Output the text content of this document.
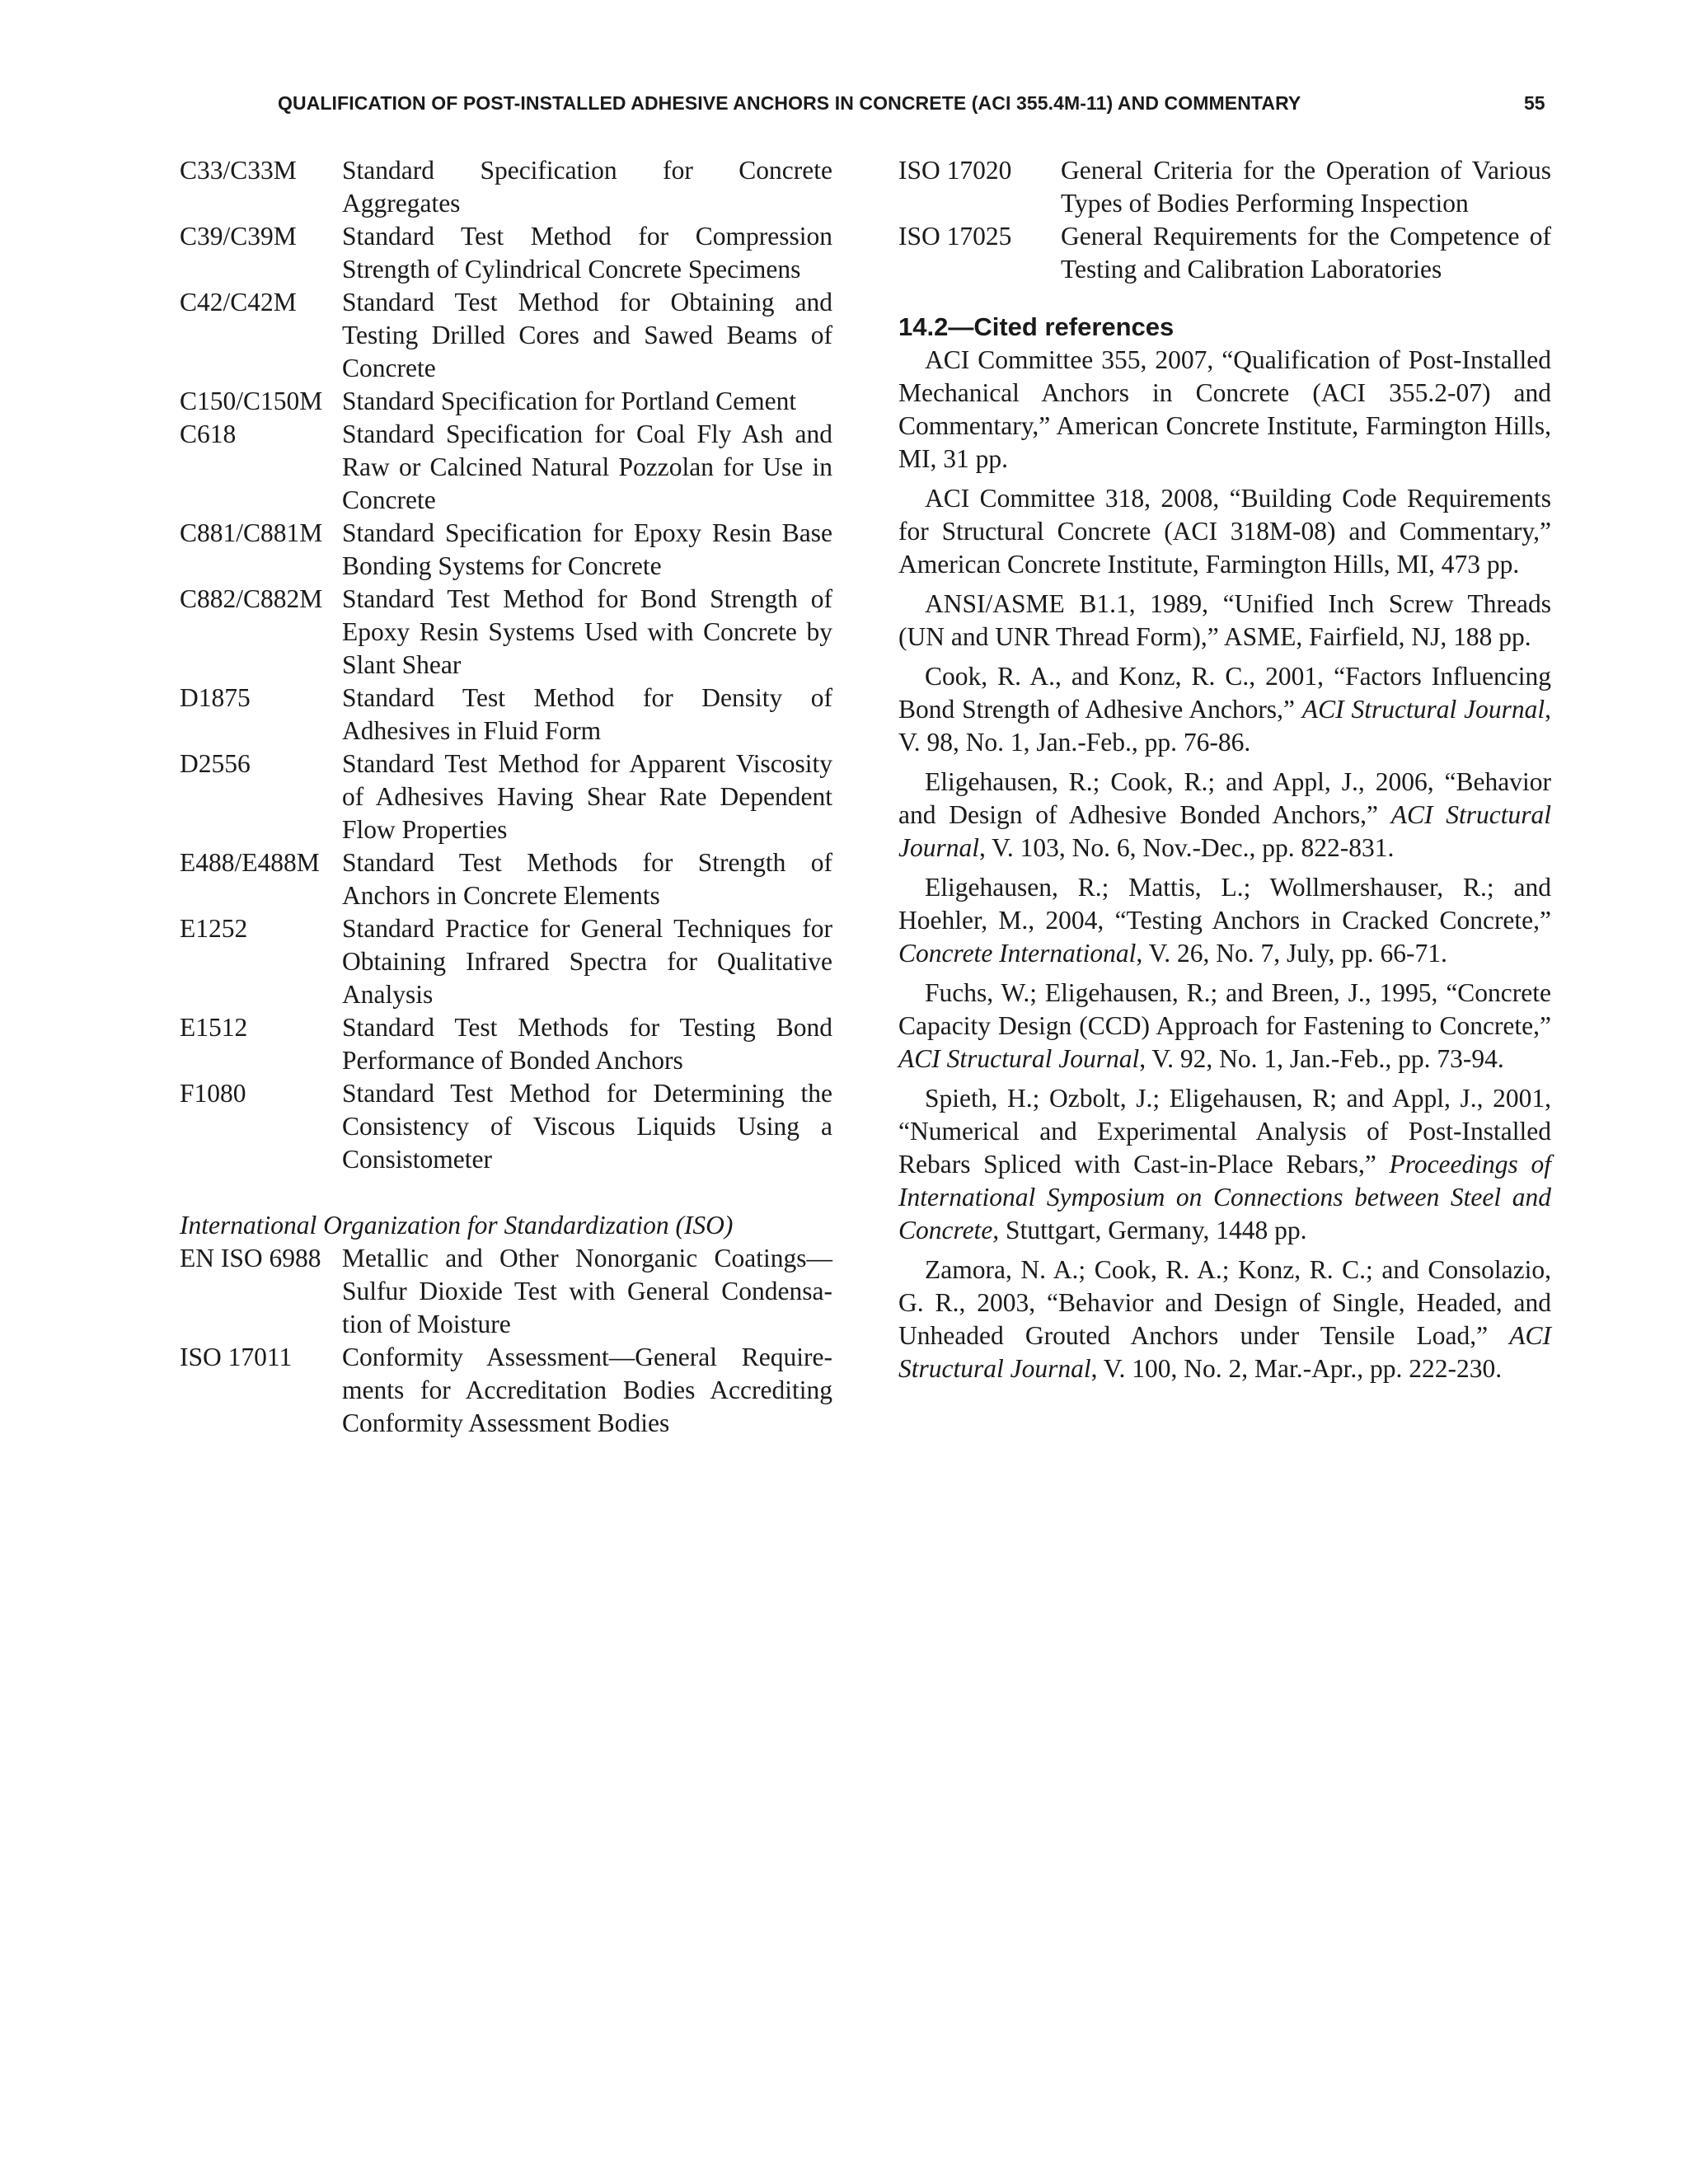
QUALIFICATION OF POST-INSTALLED ADHESIVE ANCHORS IN CONCRETE (ACI 355.4M-11) AND COMMENTARY	55
C33/C33M	Standard Specification for Concrete Aggregates
C39/C39M	Standard Test Method for Compression Strength of Cylindrical Concrete Specimens
C42/C42M	Standard Test Method for Obtaining and Testing Drilled Cores and Sawed Beams of Concrete
C150/C150M Standard Specification for Portland Cement
C618	Standard Specification for Coal Fly Ash and Raw or Calcined Natural Pozzolan for Use in Concrete
C881/C881M Standard Specification for Epoxy Resin Base Bonding Systems for Concrete
C882/C882M Standard Test Method for Bond Strength of Epoxy Resin Systems Used with Concrete by Slant Shear
D1875	Standard Test Method for Density of Adhesives in Fluid Form
D2556	Standard Test Method for Apparent Viscosity of Adhesives Having Shear Rate Dependent Flow Properties
E488/E488M Standard Test Methods for Strength of Anchors in Concrete Elements
E1252	Standard Practice for General Techniques for Obtaining Infrared Spectra for Qualitative Analysis
E1512	Standard Test Methods for Testing Bond Performance of Bonded Anchors
F1080	Standard Test Method for Determining the Consistency of Viscous Liquids Using a Consistometer
International Organization for Standardization (ISO)
EN ISO 6988 Metallic and Other Nonorganic Coatings—Sulfur Dioxide Test with General Condensa-tion of Moisture
ISO 17011	Conformity Assessment—General Require-ments for Accreditation Bodies Accrediting Conformity Assessment Bodies
ISO 17020	General Criteria for the Operation of Various Types of Bodies Performing Inspection
ISO 17025	General Requirements for the Competence of Testing and Calibration Laboratories
14.2—Cited references

ACI Committee 355, 2007, “Qualification of Post-Installed Mechanical Anchors in Concrete (ACI 355.2-07) and Commentary,” American Concrete Institute, Farmington Hills, MI, 31 pp.

ACI Committee 318, 2008, “Building Code Requirements for Structural Concrete (ACI 318M-08) and Commentary,” American Concrete Institute, Farmington Hills, MI, 473 pp.

ANSI/ASME B1.1, 1989, “Unified Inch Screw Threads (UN and UNR Thread Form),” ASME, Fairfield, NJ, 188 pp.

Cook, R. A., and Konz, R. C., 2001, “Factors Influencing Bond Strength of Adhesive Anchors,” ACI Structural Journal, V. 98, No. 1, Jan.-Feb., pp. 76-86.

Eligehausen, R.; Cook, R.; and Appl, J., 2006, “Behavior and Design of Adhesive Bonded Anchors,” ACI Structural Journal, V. 103, No. 6, Nov.-Dec., pp. 822-831.

Eligehausen, R.; Mattis, L.; Wollmershauser, R.; and Hoehler, M., 2004, “Testing Anchors in Cracked Concrete,” Concrete International, V. 26, No. 7, July, pp. 66-71.

Fuchs, W.; Eligehausen, R.; and Breen, J., 1995, “Concrete Capacity Design (CCD) Approach for Fastening to Concrete,” ACI Structural Journal, V. 92, No. 1, Jan.-Feb., pp. 73-94.

Spieth, H.; Ozbolt, J.; Eligehausen, R; and Appl, J., 2001, “Numerical and Experimental Analysis of Post-Installed Rebars Spliced with Cast-in-Place Rebars,” Proceedings of International Symposium on Connections between Steel and Concrete, Stuttgart, Germany, 1448 pp.

Zamora, N. A.; Cook, R. A.; Konz, R. C.; and Consolazio, G. R., 2003, “Behavior and Design of Single, Headed, and Unheaded Grouted Anchors under Tensile Load,” ACI Structural Journal, V. 100, No. 2, Mar.-Apr., pp. 222-230.
